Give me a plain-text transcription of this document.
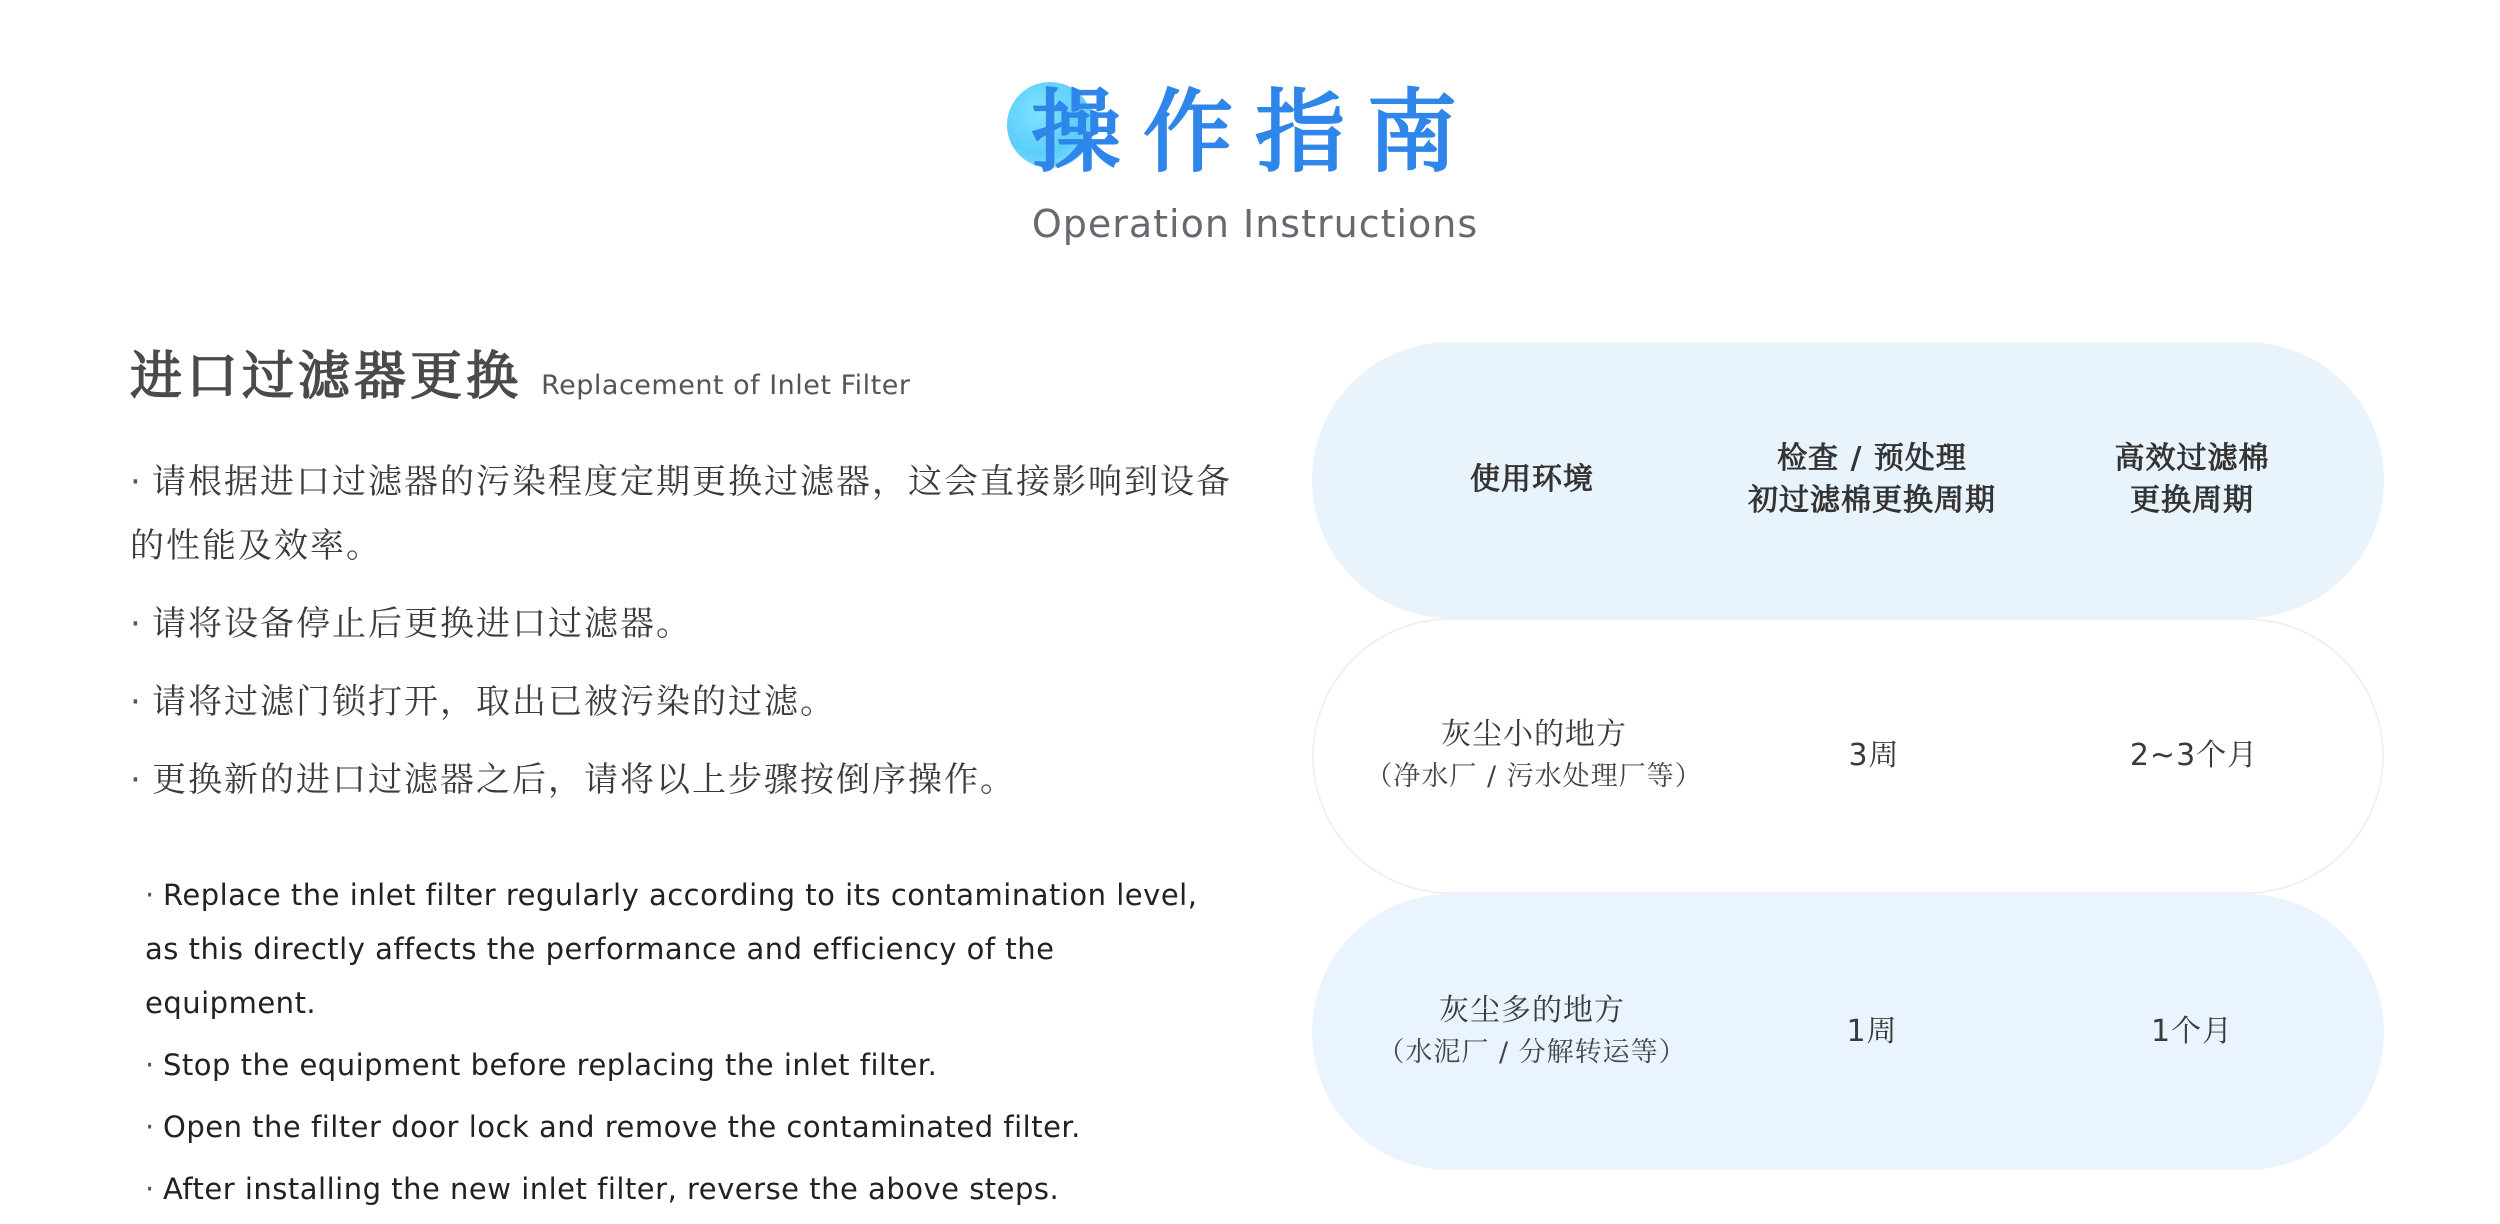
操作指南
Operation Instructions
进口过滤器更换 Replacement of Inlet Filter
· 请根据进口过滤器的污染程度定期更换过滤器，这会直接影响到设备的性能及效率。
· 请将设备停止后更换进口过滤器。
· 请将过滤门锁打开，取出已被污染的过滤。
· 更换新的进口过滤器之后，请将以上步骤按倒序操作。
· Replace the inlet filter regularly according to its contamination level, as this directly affects the performance and efficiency of the equipment.
· Stop the equipment before replacing the inlet filter.
· Open the filter door lock and remove the contaminated filter.
· After installing the new inlet filter, reverse the above steps.
使用环境
检查 / 预处理
初过滤棉更换周期
高效过滤棉
更换周期
灰尘小的地方
（净水厂 / 污水处理厂等）
3周	2~3个月
灰尘多的地方
（水泥厂 / 分解转运等）
1周	1个月
